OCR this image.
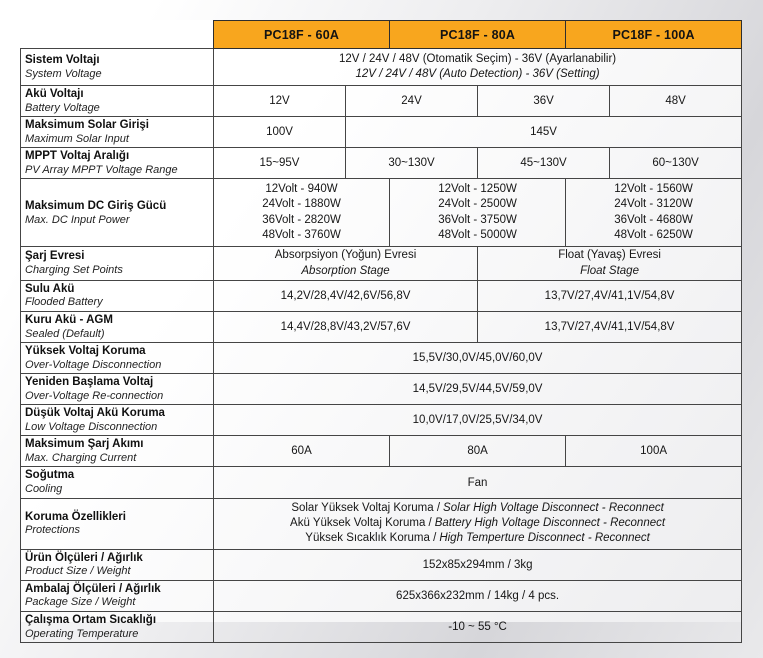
	PC18F - 60A		PC18F - 80A		PC18F - 100A	

Sistem Voltajı
System Voltage	12V / 24V / 48V (Otomatik Seçim) - 36V (Ayarlanabilir)
12V / 24V / 48V (Auto Detection) - 36V (Setting)					

Akü Voltajı
Battery Voltage	12V	24V		36V		48V

Maksimum Solar Girişi
Maximum Solar Input	100V	145V				

MPPT Voltaj Aralığı
PV Array MPPT Voltage Range	15~95V	30~130V		45~130V		60~130V

Maksimum DC Giriş Gücü
Max. DC Input Power	12Volt - 940W
24Volt - 1880W
36Volt - 2820W
48Volt - 3760W		12Volt - 1250W
24Volt - 2500W
36Volt - 3750W
48Volt - 5000W		12Volt - 1560W
24Volt - 3120W
36Volt - 4680W
48Volt - 6250W	

Şarj Evresi
Charging Set Points	Absorpsiyon (Yoğun) Evresi
Absorption Stage			Float (Yavaş) Evresi
Float Stage		

Sulu Akü
Flooded Battery	14,2V/28,4V/42,6V/56,8V			13,7V/27,4V/41,1V/54,8V		

Kuru Akü - AGM
Sealed (Default)	14,4V/28,8V/43,2V/57,6V			13,7V/27,4V/41,1V/54,8V		

Yüksek Voltaj Koruma
Over-Voltage Disconnection	15,5V/30,0V/45,0V/60,0V					

Yeniden Başlama Voltaj
Over-Voltage Re-connection	14,5V/29,5V/44,5V/59,0V					

Düşük Voltaj Akü Koruma
Low Voltage Disconnection	10,0V/17,0V/25,5V/34,0V					

Maksimum Şarj Akımı
Max. Charging Current	60A		80A		100A	

Soğutma
Cooling	Fan					

Koruma Özellikleri
Protections	Solar Yüksek Voltaj Koruma / Solar High Voltage Disconnect - Reconnect
Akü Yüksek Voltaj Koruma / Battery High Voltage Disconnect - Reconnect
Yüksek Sıcaklık Koruma / High Temperture Disconnect - Reconnect					

Ürün Ölçüleri / Ağırlık
Product Size / Weight	152x85x294mm / 3kg					

Ambalaj Ölçüleri / Ağırlık
Package Size / Weight	625x366x232mm / 14kg / 4 pcs.					

Çalışma Ortam Sıcaklığı
Operating Temperature	-10 ~ 55 °C					
